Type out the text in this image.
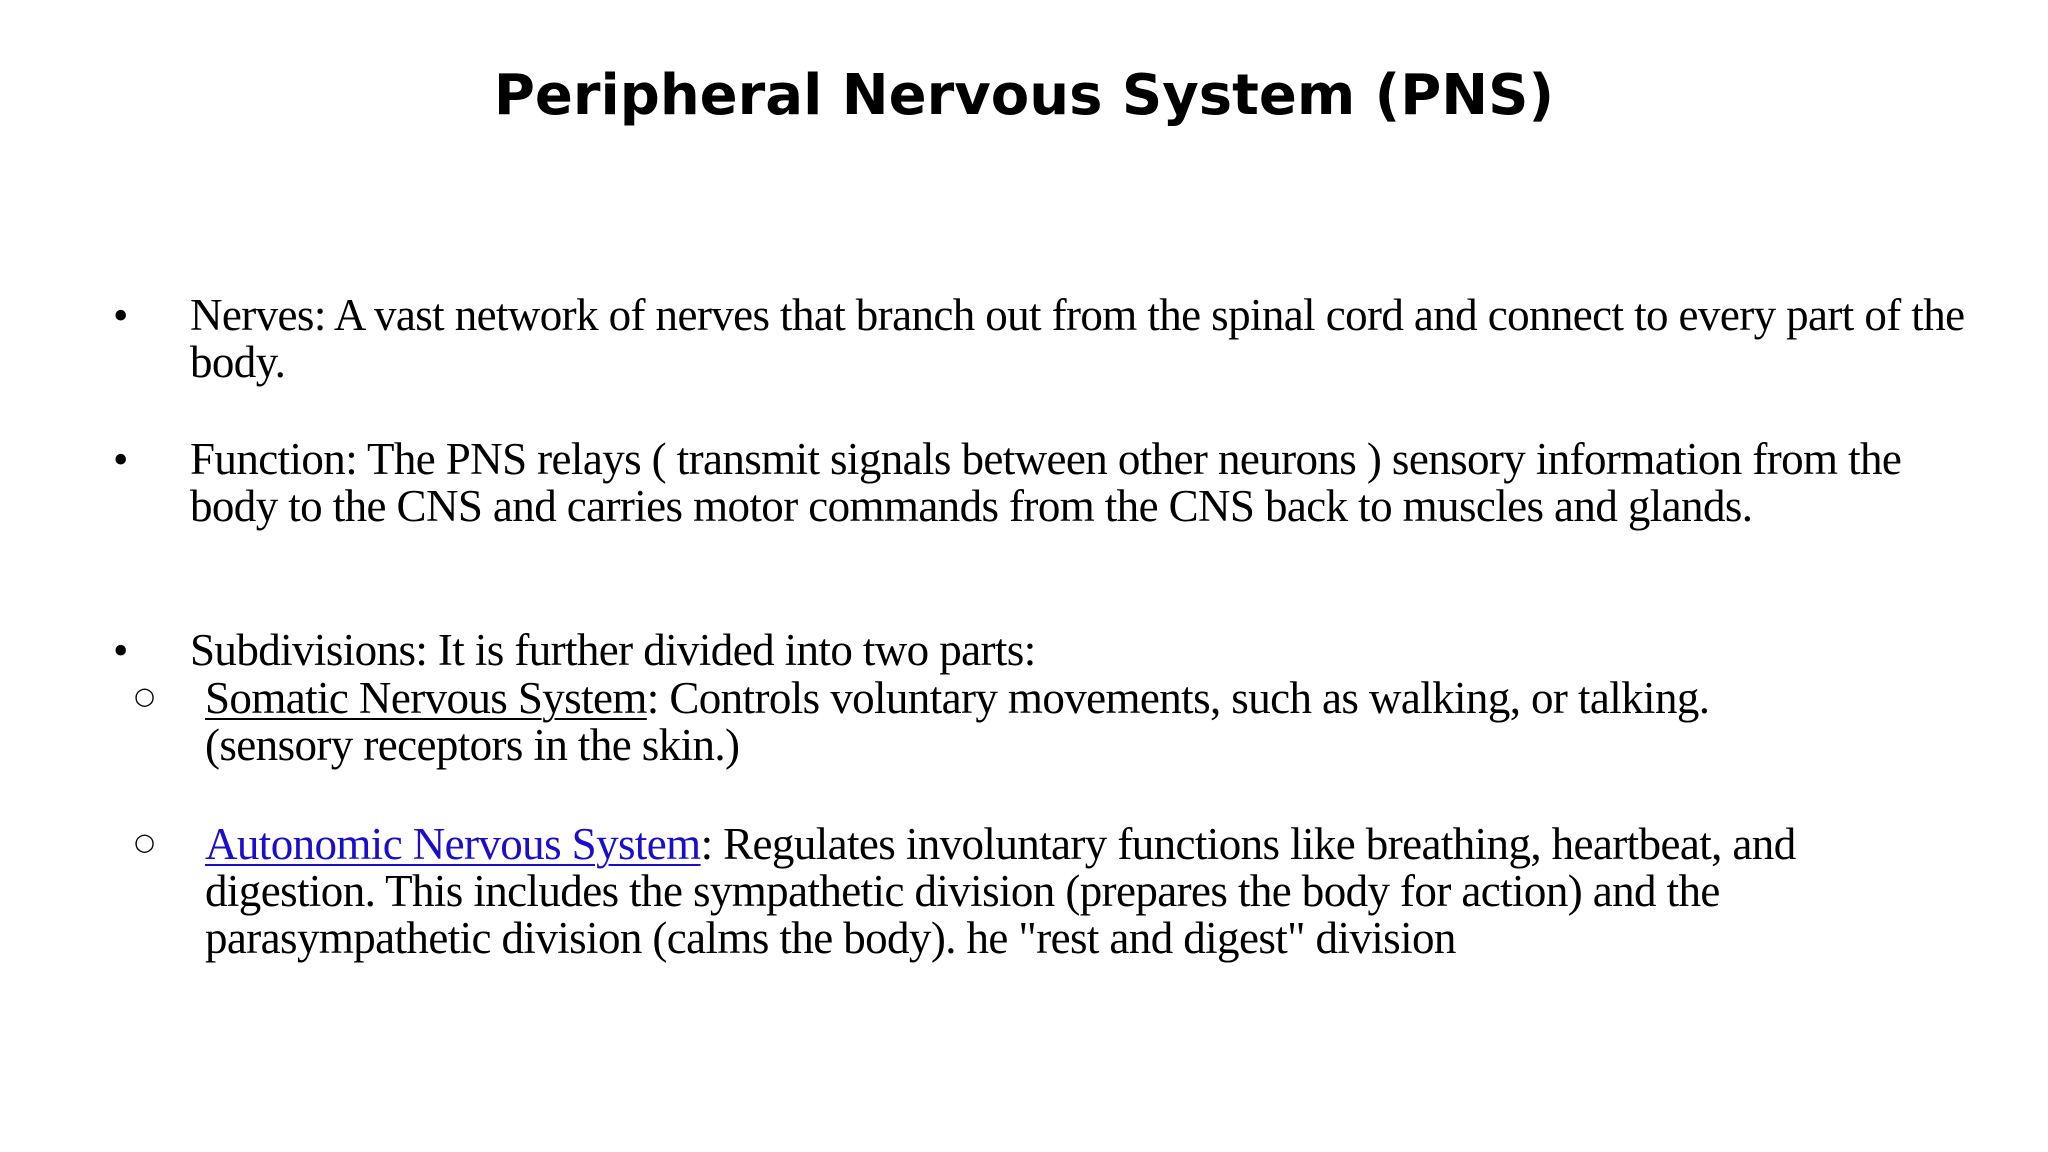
Peripheral Nervous System (PNS)
• Nerves: A vast network of nerves that branch out from the spinal cord and connect to every part of the body.

• Function: The PNS relays ( transmit signals between other neurons ) sensory information from the body to the CNS and carries motor commands from the CNS back to muscles and glands.

• Subdivisions: It is further divided into two parts:

○ Somatic Nervous System: Controls voluntary movements, such as walking, or talking. (sensory receptors in the skin.)

○ Autonomic Nervous System: Regulates involuntary functions like breathing, heartbeat, and digestion. This includes the sympathetic division (prepares the body for action) and the parasympathetic division (calms the body). he "rest and digest" division
